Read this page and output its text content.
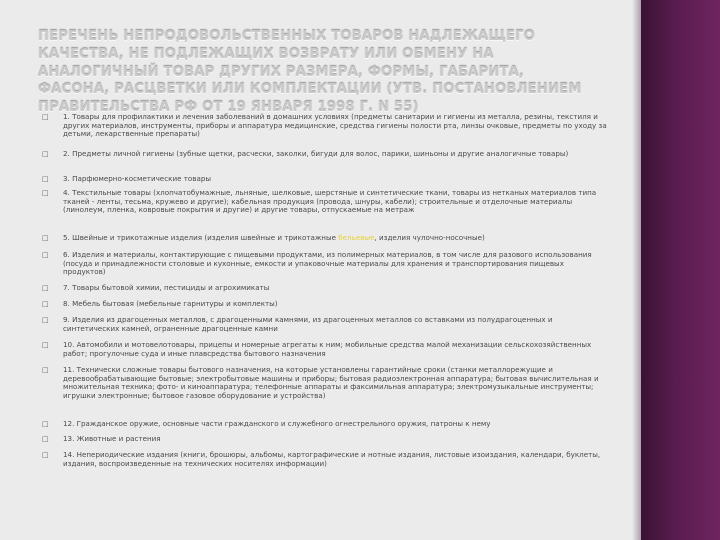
ПЕРЕЧЕНЬ НЕПРОДОВОЛЬСТВЕННЫХ ТОВАРОВ НАДЛЕЖАЩЕГО КАЧЕСТВА, НЕ ПОДЛЕЖАЩИХ ВОЗВРАТУ ИЛИ ОБМЕНУ НА АНАЛОГИЧНЫЙ ТОВАР ДРУГИХ РАЗМЕРА, ФОРМЫ, ГАБАРИТА, ФАСОНА, РАСЦВЕТКИ ИЛИ КОМПЛЕКТАЦИИ (УТВ. ПОСТАНОВЛЕНИЕМ ПРАВИТЕЛЬСТВА РФ ОТ 19 ЯНВАРЯ 1998 Г. N 55)
□ 1. Товары для профилактики и лечения заболеваний в домашних условиях (предметы санитарии и гигиены из металла, резины, текстиля и других материалов, инструменты, приборы и аппаратура медицинские, средства гигиены полости рта, линзы очковые, предметы по уходу за детьми, лекарственные препараты)
□ 2. Предметы личной гигиены (зубные щетки, расчески, заколки, бигуди для волос, парики, шиньоны и другие аналогичные товары)
□ 3. Парфюмерно-косметические товары
□ 4. Текстильные товары (хлопчатобумажные, льняные, шелковые, шерстяные и синтетические ткани, товары из нетканых материалов типа тканей - ленты, тесьма, кружево и другие); кабельная продукция (провода, шнуры, кабели); строительные и отделочные материалы (линолеум, пленка, ковровые покрытия и другие) и другие товары, отпускаемые на метраж
□ 5. Швейные и трикотажные изделия (изделия швейные и трикотажные бельевые, изделия чулочно-носочные)
□ 6. Изделия и материалы, контактирующие с пищевыми продуктами, из полимерных материалов, в том числе для разового использования (посуда и принадлежности столовые и кухонные, емкости и упаковочные материалы для хранения и транспортирования пищевых продуктов)
□ 7. Товары бытовой химии, пестициды и агрохимикаты
□ 8. Мебель бытовая (мебельные гарнитуры и комплекты)
□ 9. Изделия из драгоценных металлов, с драгоценными камнями, из драгоценных металлов со вставками из полудрагоценных и синтетических камней, ограненные драгоценные камни
□ 10. Автомобили и мотовелотовары, прицепы и номерные агрегаты к ним; мобильные средства малой механизации сельскохозяйственных работ; прогулочные суда и иные плавсредства бытового назначения
□ 11. Технически сложные товары бытового назначения, на которые установлены гарантийные сроки (станки металлорежущие и деревообрабатывающие бытовые; электробытовые машины и приборы; бытовая радиоэлектронная аппаратура; бытовая вычислительная и множительная техника; фото- и киноаппаратура; телефонные аппараты и факсимильная аппаратура; электромузыкальные инструменты; игрушки электронные; бытовое газовое оборудование и устройства)
□ 12. Гражданское оружие, основные части гражданского и служебного огнестрельного оружия, патроны к нему
□ 13. Животные и растения
□ 14. Непериодические издания (книги, брошюры, альбомы, картографические и нотные издания, листовые изоиздания, календари, буклеты, издания, воспроизведенные на технических носителях информации)
